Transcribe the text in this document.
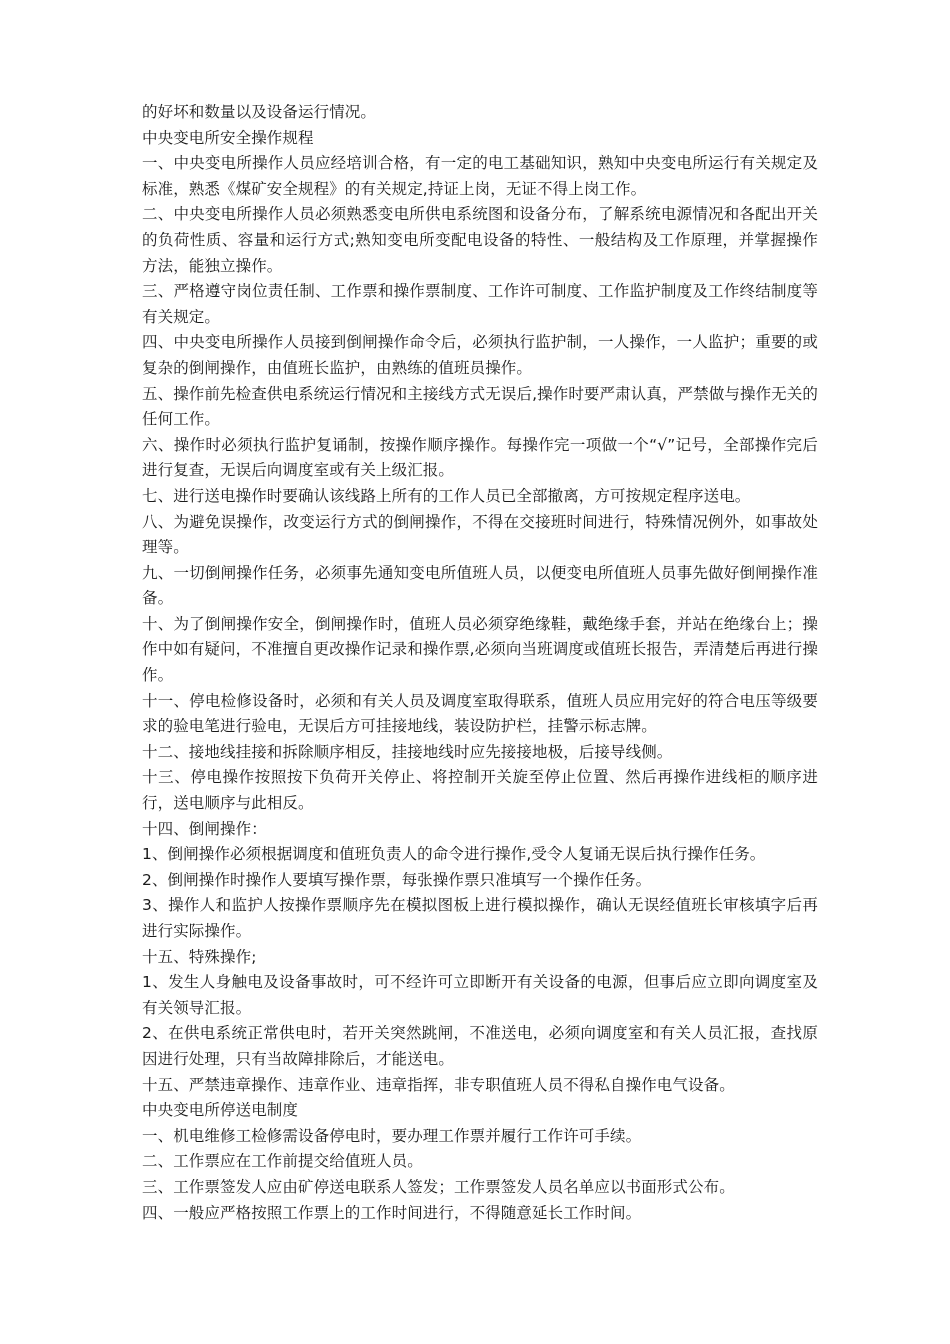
的好坏和数量以及设备运行情况。

中央变电所安全操作规程

一、中央变电所操作人员应经培训合格，有一定的电工基础知识，熟知中央变电所运行有关规定及标准，熟悉《煤矿安全规程》的有关规定,持证上岗，无证不得上岗工作。

二、中央变电所操作人员必须熟悉变电所供电系统图和设备分布，了解系统电源情况和各配出开关的负荷性质、容量和运行方式;熟知变电所变配电设备的特性、一般结构及工作原理，并掌握操作方法，能独立操作。

三、严格遵守岗位责任制、工作票和操作票制度、工作许可制度、工作监护制度及工作终结制度等有关规定。

四、中央变电所操作人员接到倒闸操作命令后，必须执行监护制，一人操作，一人监护；重要的或复杂的倒闸操作，由值班长监护，由熟练的值班员操作。

五、操作前先检查供电系统运行情况和主接线方式无误后,操作时要严肃认真，严禁做与操作无关的任何工作。

六、操作时必须执行监护复诵制，按操作顺序操作。每操作完一项做一个“√”记号，全部操作完后进行复查，无误后向调度室或有关上级汇报。

七、进行送电操作时要确认该线路上所有的工作人员已全部撤离，方可按规定程序送电。

八、为避免误操作，改变运行方式的倒闸操作，不得在交接班时间进行，特殊情况例外，如事故处理等。

九、一切倒闸操作任务，必须事先通知变电所值班人员，以便变电所值班人员事先做好倒闸操作准备。

十、为了倒闸操作安全，倒闸操作时，值班人员必须穿绝缘鞋，戴绝缘手套，并站在绝缘台上；操作中如有疑问，不准擅自更改操作记录和操作票,必须向当班调度或值班长报告，弄清楚后再进行操作。

十一、停电检修设备时，必须和有关人员及调度室取得联系，值班人员应用完好的符合电压等级要求的验电笔进行验电，无误后方可挂接地线，装设防护栏，挂警示标志牌。

十二、接地线挂接和拆除顺序相反，挂接地线时应先接接地极，后接导线侧。

十三、停电操作按照按下负荷开关停止、将控制开关旋至停止位置、然后再操作进线柜的顺序进行，送电顺序与此相反。

十四、倒闸操作：

1、倒闸操作必须根据调度和值班负责人的命令进行操作,受令人复诵无误后执行操作任务。

2、倒闸操作时操作人要填写操作票，每张操作票只准填写一个操作任务。

3、操作人和监护人按操作票顺序先在模拟图板上进行模拟操作，确认无误经值班长审核填字后再进行实际操作。

十五、特殊操作;

1、发生人身触电及设备事故时，可不经许可立即断开有关设备的电源，但事后应立即向调度室及有关领导汇报。

2、在供电系统正常供电时，若开关突然跳闸，不准送电，必须向调度室和有关人员汇报，查找原因进行处理，只有当故障排除后，才能送电。

十五、严禁违章操作、违章作业、违章指挥，非专职值班人员不得私自操作电气设备。

中央变电所停送电制度

一、机电维修工检修需设备停电时，要办理工作票并履行工作许可手续。

二、工作票应在工作前提交给值班人员。

三、工作票签发人应由矿停送电联系人签发；工作票签发人员名单应以书面形式公布。

四、一般应严格按照工作票上的工作时间进行，不得随意延长工作时间。
